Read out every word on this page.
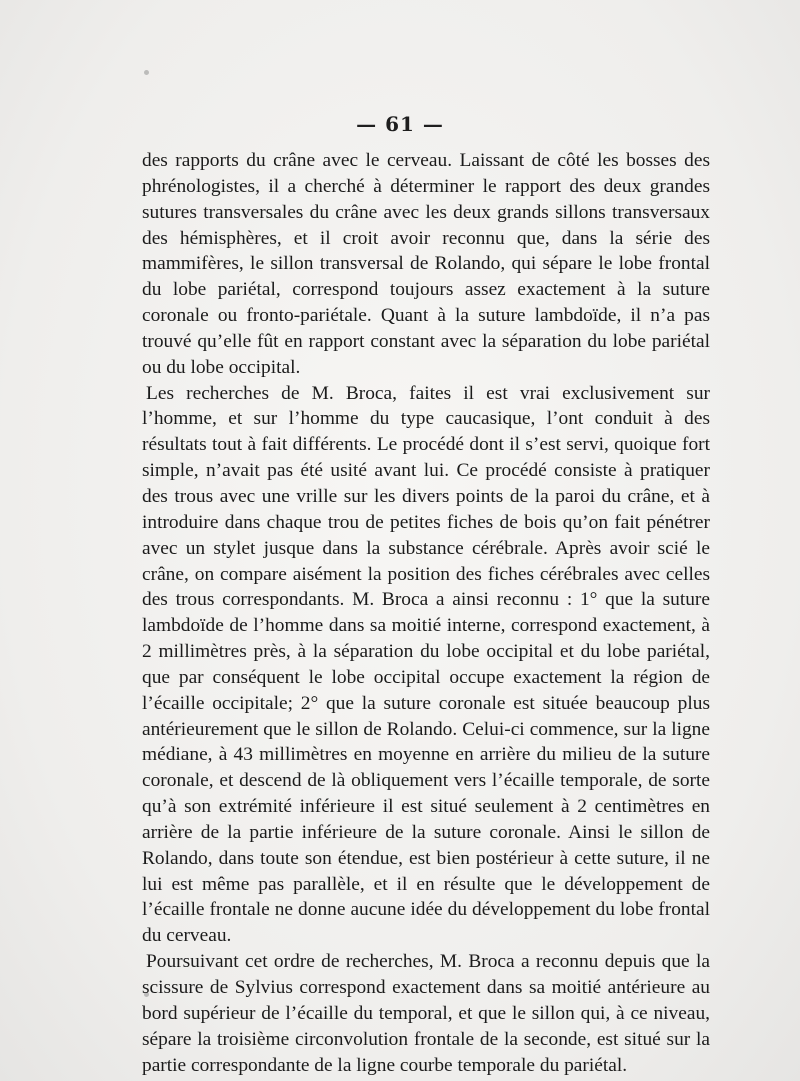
— 61 —

des rapports du crâne avec le cerveau. Laissant de côté les bosses des phrénologistes, il a cherché à déterminer le rapport des deux grandes sutures transversales du crâne avec les deux grands sillons transversaux des hémisphères, et il croit avoir reconnu que, dans la série des mammifères, le sillon transversal de Rolando, qui sépare le lobe frontal du lobe pariétal, correspond toujours assez exactement à la suture coronale ou fronto-pariétale. Quant à la suture lambdoïde, il n’a pas trouvé qu’elle fût en rapport constant avec la séparation du lobe pariétal ou du lobe occipital.

Les recherches de M. Broca, faites il est vrai exclusivement sur l’homme, et sur l’homme du type caucasique, l’ont conduit à des résultats tout à fait différents. Le procédé dont il s’est servi, quoique fort simple, n’avait pas été usité avant lui. Ce procédé consiste à pratiquer des trous avec une vrille sur les divers points de la paroi du crâne, et à introduire dans chaque trou de petites fiches de bois qu’on fait pénétrer avec un stylet jusque dans la substance cérébrale. Après avoir scié le crâne, on compare aisément la position des fiches cérébrales avec celles des trous correspondants. M. Broca a ainsi reconnu : 1° que la suture lambdoïde de l’homme dans sa moitié interne, correspond exactement, à 2 millimètres près, à la séparation du lobe occipital et du lobe pariétal, que par conséquent le lobe occipital occupe exactement la région de l’écaille occipitale; 2° que la suture coronale est située beaucoup plus antérieurement que le sillon de Rolando. Celui-ci commence, sur la ligne médiane, à 43 millimètres en moyenne en arrière du milieu de la suture coronale, et descend de là obliquement vers l’écaille temporale, de sorte qu’à son extrémité inférieure il est situé seulement à 2 centimètres en arrière de la partie inférieure de la suture coronale. Ainsi le sillon de Rolando, dans toute son étendue, est bien postérieur à cette suture, il ne lui est même pas parallèle, et il en résulte que le développement de l’écaille frontale ne donne aucune idée du développement du lobe frontal du cerveau.

Poursuivant cet ordre de recherches, M. Broca a reconnu depuis que la scissure de Sylvius correspond exactement dans sa moitié antérieure au bord supérieur de l’écaille du temporal, et que le sillon qui, à ce niveau, sépare la troisième circonvolution frontale de la seconde, est situé sur la partie correspondante de la ligne courbe temporale du pariétal.
